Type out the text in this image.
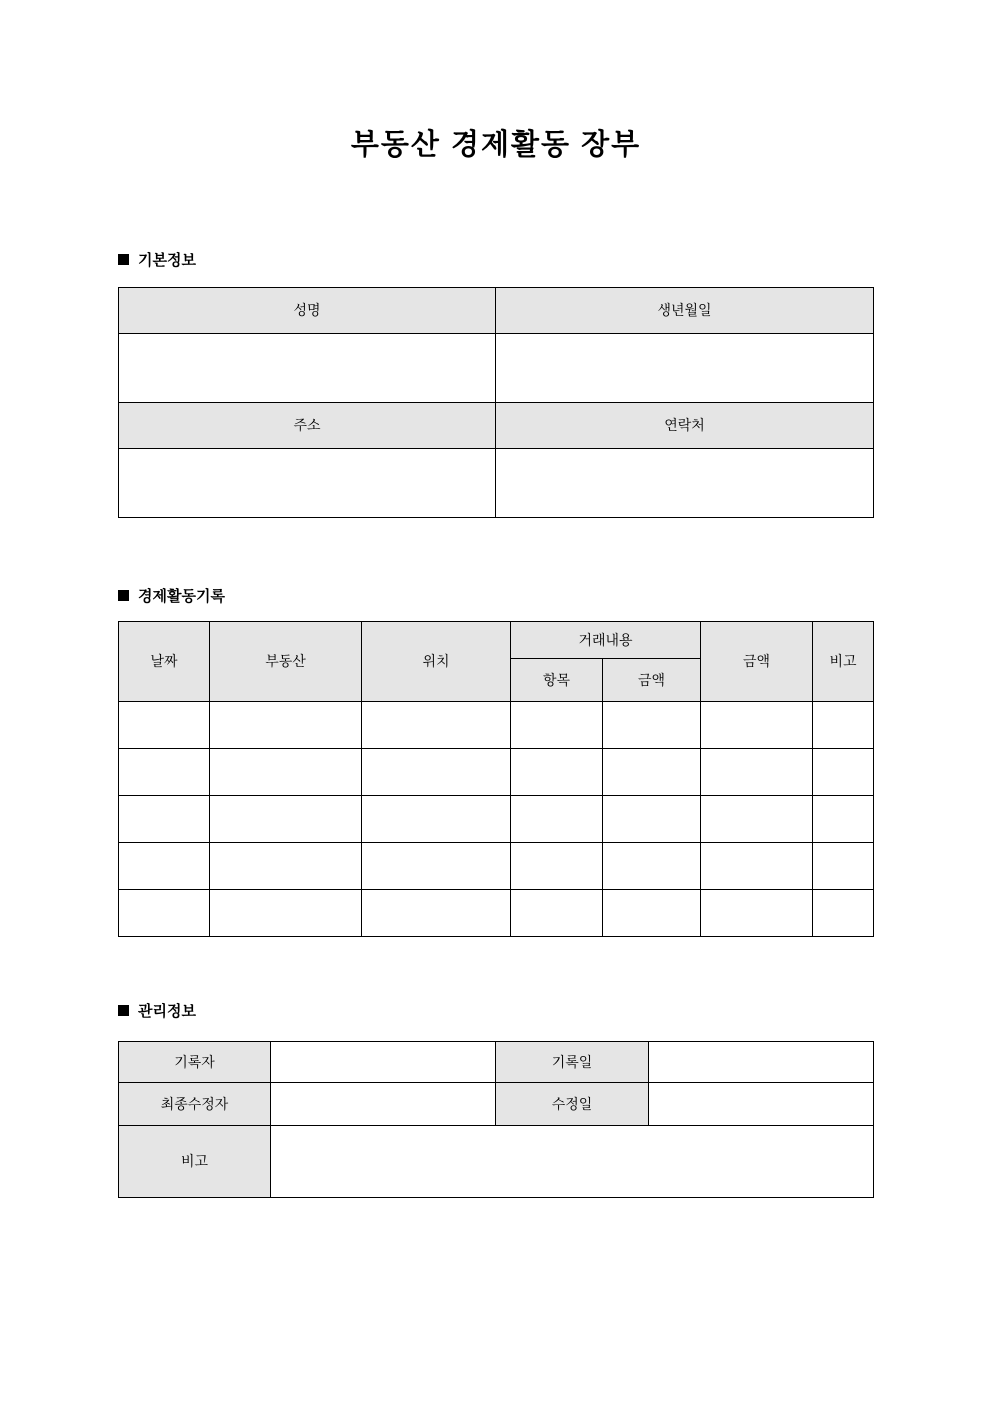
부동산 경제활동 장부
기본정보
성명	생년월일

주소	연락처

경제활동기록
날짜	부동산	위치	거래내용		금액	비고
			항목	금액		

관리정보
기록자		기록일	
최종수정자		수정일	
비고			
